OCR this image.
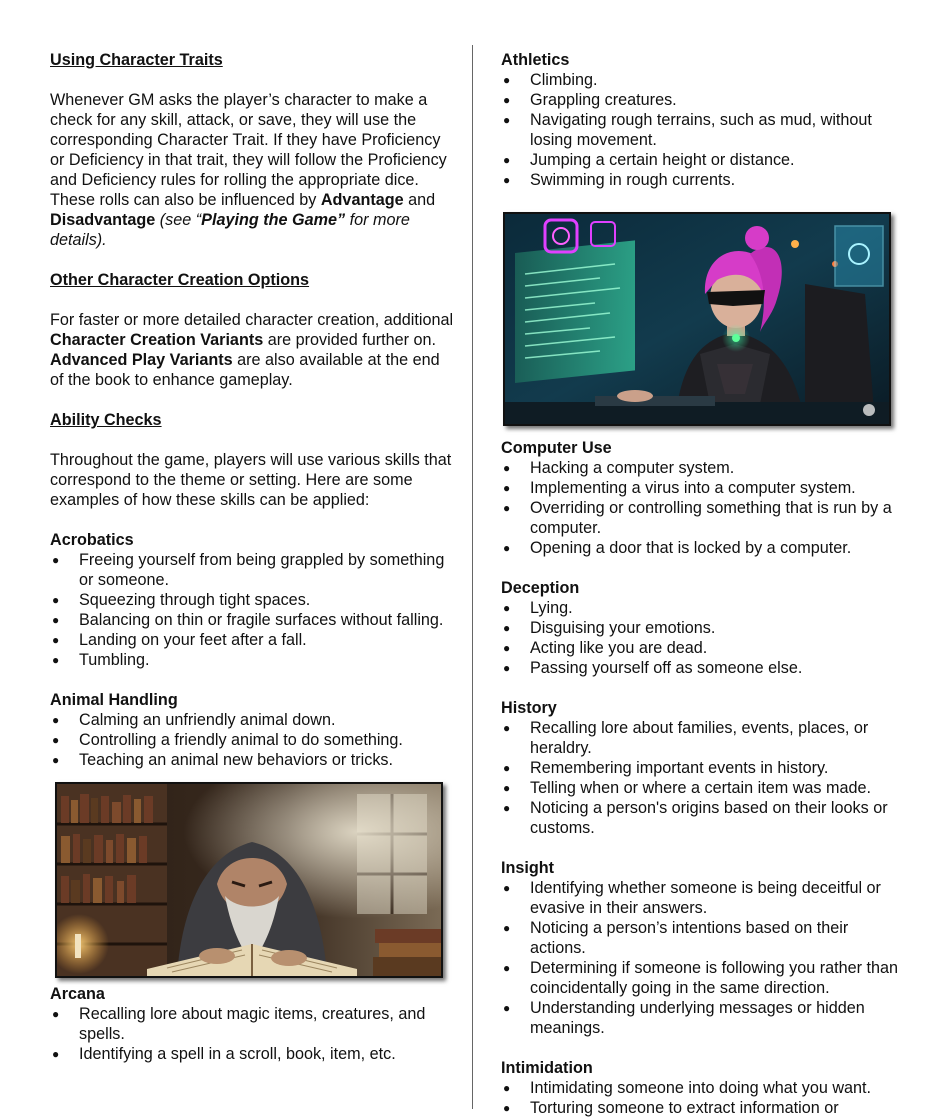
Using Character Traits

Whenever GM asks the player’s character to make a check for any skill, attack, or save, they will use the corresponding Character Trait. If they have Proficiency or Deficiency in that trait, they will follow the Proficiency and Deficiency rules for rolling the appropriate dice. These rolls can also be influenced by Advantage and Disadvantage (see “Playing the Game” for more details).

Other Character Creation Options

For faster or more detailed character creation, additional Character Creation Variants are provided further on. Advanced Play Variants are also available at the end of the book to enhance gameplay.

Ability Checks

Throughout the game, players will use various skills that correspond to the theme or setting. Here are some examples of how these skills can be applied:

Acrobatics

● Freeing yourself from being grappled by something or someone.
● Squeezing through tight spaces.
● Balancing on thin or fragile surfaces without falling.
● Landing on your feet after a fall.
● Tumbling.

Animal Handling

● Calming an unfriendly animal down.
● Controlling a friendly animal to do something.
● Teaching an animal new behaviors or tricks.

Arcana

● Recalling lore about magic items, creatures, and spells.
● Identifying a spell in a scroll, book, item, etc.

Athletics

● Climbing.
● Grappling creatures.
● Navigating rough terrains, such as mud, without losing movement.
● Jumping a certain height or distance.
● Swimming in rough currents.

Computer Use

● Hacking a computer system.
● Implementing a virus into a computer system.
● Overriding or controlling something that is run by a computer.
● Opening a door that is locked by a computer.

Deception

● Lying.
● Disguising your emotions.
● Acting like you are dead.
● Passing yourself off as someone else.

History

● Recalling lore about families, events, places, or heraldry.
● Remembering important events in history.
● Telling when or where a certain item was made.
● Noticing a person's origins based on their looks or customs.

Insight

● Identifying whether someone is being deceitful or evasive in their answers.
● Noticing a person’s intentions based on their actions.
● Determining if someone is following you rather than coincidentally going in the same direction.
● Understanding underlying messages or hidden meanings.

Intimidation

● Intimidating someone into doing what you want.
● Torturing someone to extract information or
